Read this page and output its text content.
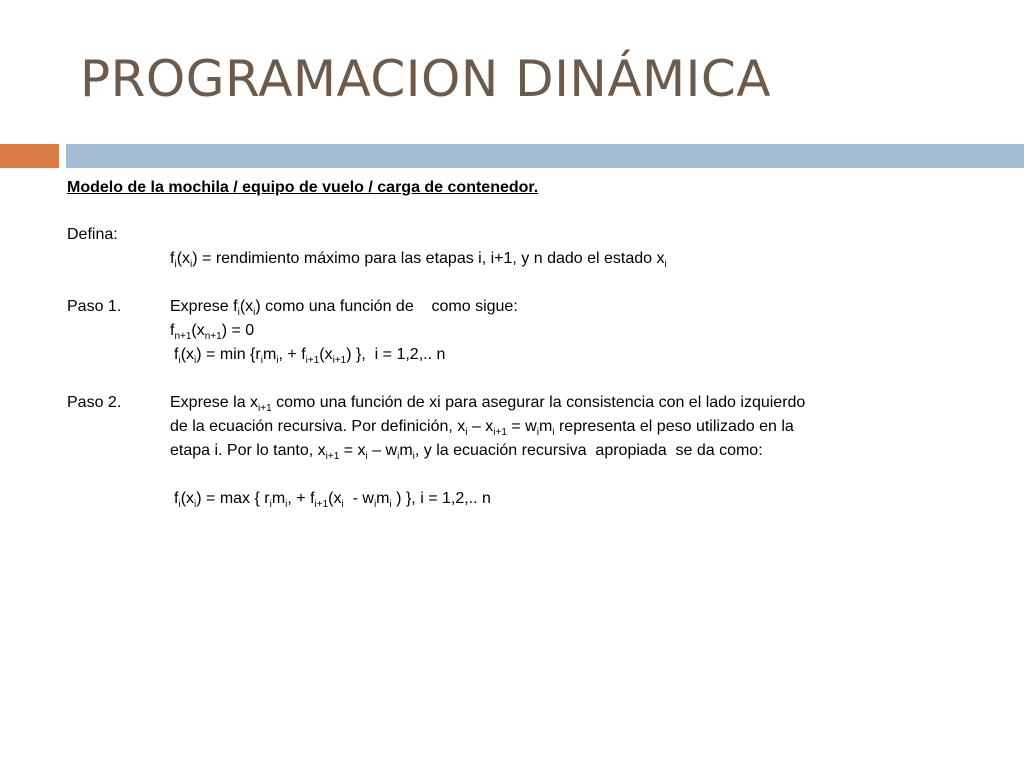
PROGRAMACION DINÁMICA
Modelo de la mochila / equipo de vuelo / carga de contenedor.
Defina:
$f_i(x_i)$ = rendimiento máximo para las etapas i, i+1, y n dado el estado $x_i$
Paso 1.	Exprese $f_i(x_i)$ como una función de    como sigue:
$f_{n+1}(x_{n+1}) = 0$
$f_i(x_i) = \min \{r_im_i$, + $f_{i+1}(x_{i+1})$ },  i = 1,2,.. n
Paso 2.	Exprese la $x_{i+1}$ como una función de xi para asegurar la consistencia con el lado izquierdo
de la ecuación recursiva. Por definición, $x_i - x_{i+1} = w_im_i$ representa el peso utilizado en la
etapa i. Por lo tanto, $x_{i+1} = x_i - w_im_i$, y la ecuación recursiva  apropiada  se da como:
$f_i(x_i) = \max$ { $r_im_i$, + $f_{i+1}(x_i - w_im_i$ ) }, i = 1,2,.. n
